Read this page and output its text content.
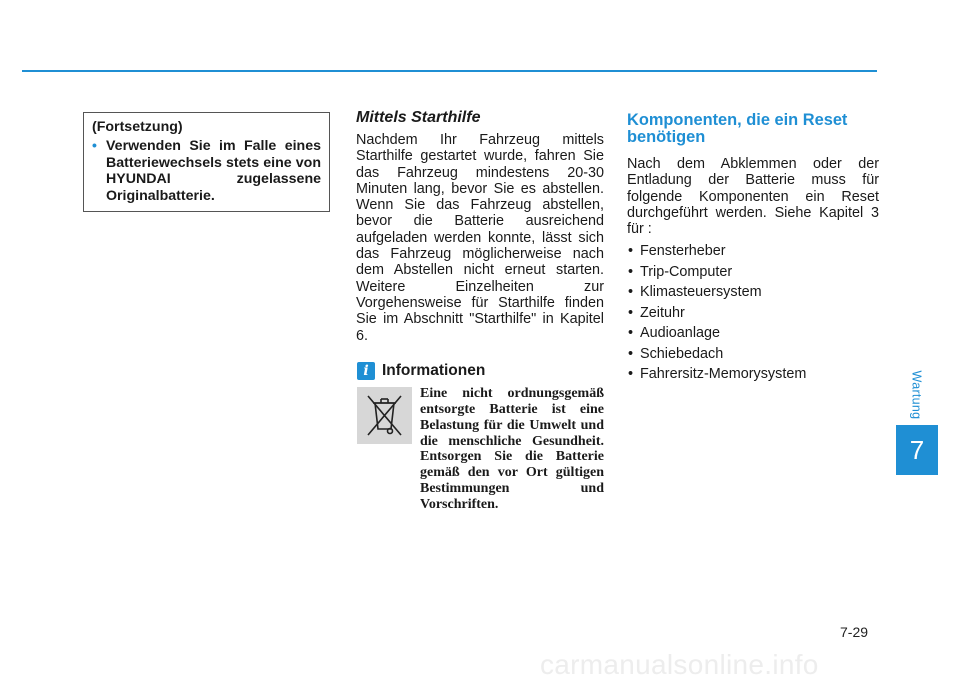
(Fortsetzung)
• Verwenden Sie im Falle eines Batteriewechsels stets eine von HYUNDAI zugelassene Originalbatterie.
Mittels Starthilfe

Nachdem Ihr Fahrzeug mittels Starthilfe gestartet wurde, fahren Sie das Fahrzeug mindestens 20-30 Minuten lang, bevor Sie es abstellen. Wenn Sie das Fahrzeug abstellen, bevor die Batterie ausreichend aufgeladen werden konnte, lässt sich das Fahrzeug möglicherweise nach dem Abstellen nicht erneut starten. Weitere Einzelheiten zur Vorgehensweise für Starthilfe finden Sie im Abschnitt "Starthilfe" in Kapitel 6.

i Informationen
Eine nicht ordnungsgemäß entsorgte Batterie ist eine Belastung für die Umwelt und die menschliche Gesundheit. Entsorgen Sie die Batterie gemäß den vor Ort gültigen Bestimmungen und Vorschriften.
Komponenten, die ein Reset benötigen

Nach dem Abklemmen oder der Entladung der Batterie muss für folgende Komponenten ein Reset durchgeführt werden. Siehe Kapitel 3 für :

• Fensterheber
• Trip-Computer
• Klimasteuersystem
• Zeituhr
• Audioanlage
• Schiebedach
• Fahrersitz-Memorysystem	Wartung
7
7-29
carmanualsonline.info
